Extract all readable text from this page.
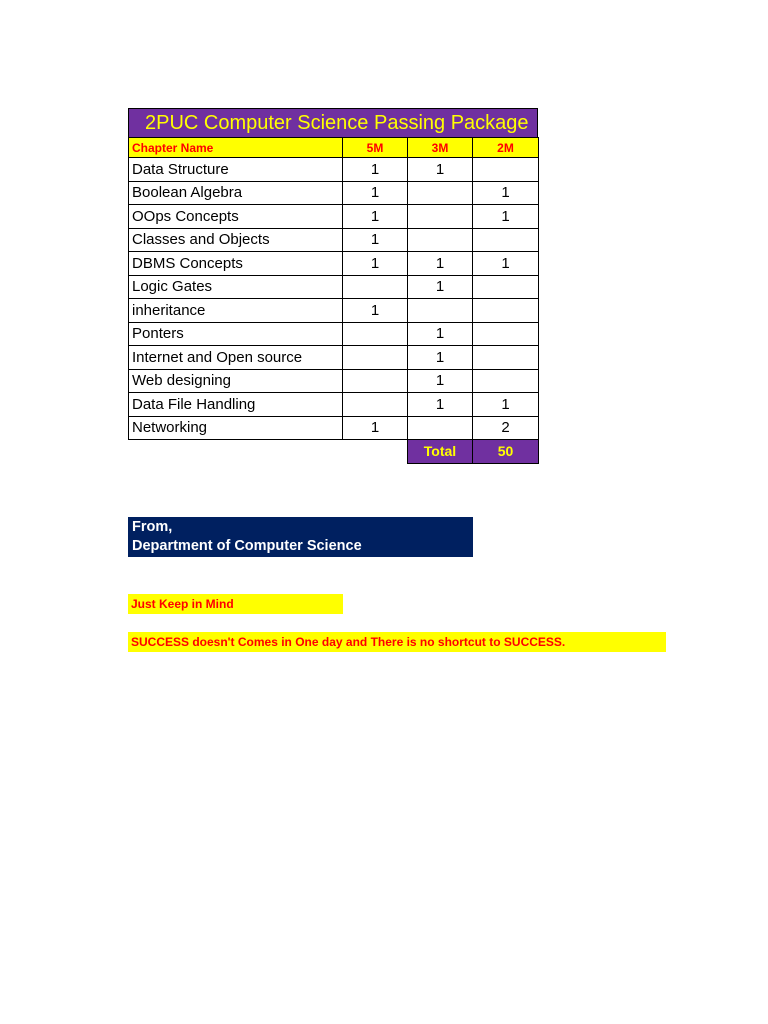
2PUC Computer Science Passing Package
Chapter Name	5M	3M	2M
Data Structure	1	1	
Boolean Algebra	1		1
OOps Concepts	1		1
Classes and Objects	1		
DBMS Concepts	1	1	1
Logic Gates		1	
inheritance	1		
Ponters		1	
Internet and Open source		1	
Web designing		1	
Data File Handling		1	1
Networking	1		2
		Total	50
From,
Department of Computer Science
Just Keep in Mind
SUCCESS doesn't Comes in One day and There is no shortcut to SUCCESS.
